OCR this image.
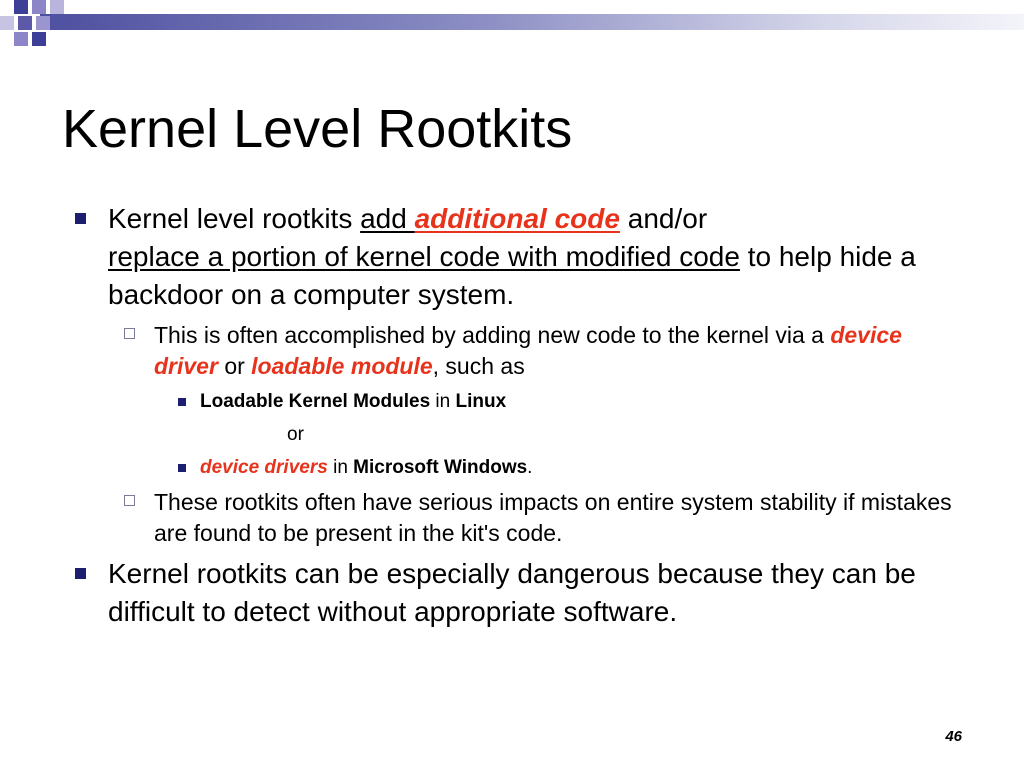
Kernel Level Rootkits
Kernel level rootkits add additional code and/or
replace a portion of kernel code with modified code to help hide a backdoor on a computer system.
This is often accomplished by adding new code to the kernel via a device driver or loadable module, such as
Loadable Kernel Modules in Linux
or
device drivers in Microsoft Windows.
These rootkits often have serious impacts on entire system stability if mistakes are found to be present in the kit's code.
Kernel rootkits can be especially dangerous because they can be difficult to detect without appropriate software.
46
